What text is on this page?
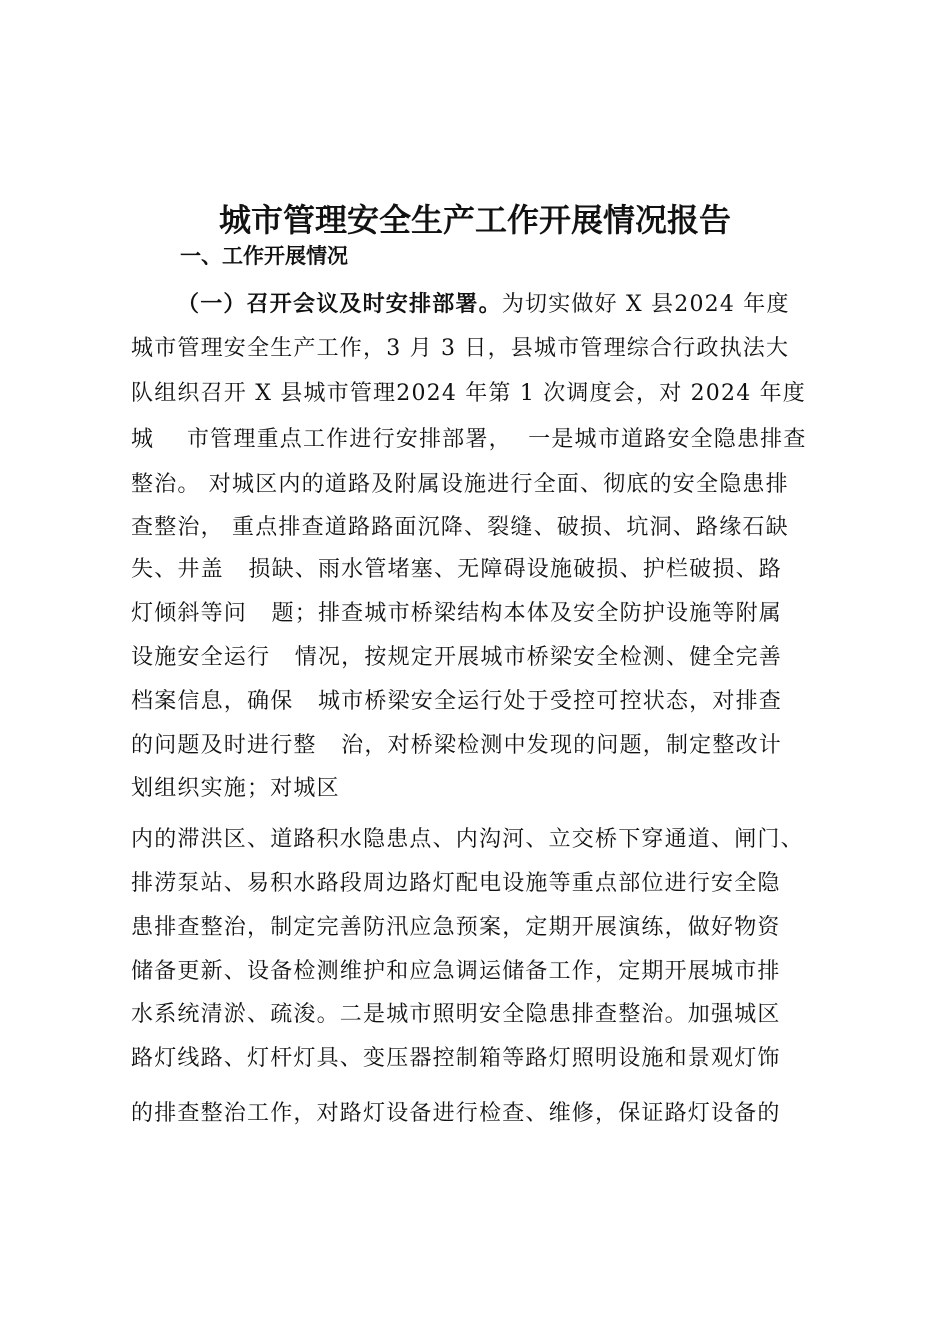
城市管理安全生产工作开展情况报告
一、工作开展情况
（一）召开会议及时安排部署。为切实做好 X 县2024 年度
城市管理安全生产工作，3 月 3 日，县城市管理综合行政执法大
队组织召开 X 县城市管理2024 年第 1 次调度会，对 2024 年度
城    市管理重点工作进行安排部署，  一是城市道路安全隐患排查
整治。 对城区内的道路及附属设施进行全面、彻底的安全隐患排
查整治， 重点排查道路路面沉降、裂缝、破损、坑洞、路缘石缺
失、井盖   损缺、雨水管堵塞、无障碍设施破损、护栏破损、路
灯倾斜等问   题；排查城市桥梁结构本体及安全防护设施等附属
设施安全运行   情况，按规定开展城市桥梁安全检测、健全完善
档案信息，确保   城市桥梁安全运行处于受控可控状态，对排查
的问题及时进行整   治，对桥梁检测中发现的问题，制定整改计
划组织实施；对城区
内的滞洪区、道路积水隐患点、内沟河、立交桥下穿通道、闸门、
排涝泵站、易积水路段周边路灯配电设施等重点部位进行安全隐
患排查整治，制定完善防汛应急预案，定期开展演练，做好物资
储备更新、设备检测维护和应急调运储备工作，定期开展城市排
水系统清淤、疏浚。二是城市照明安全隐患排查整治。加强城区
路灯线路、灯杆灯具、变压器控制箱等路灯照明设施和景观灯饰
的排查整治工作，对路灯设备进行检查、维修，保证路灯设备的
